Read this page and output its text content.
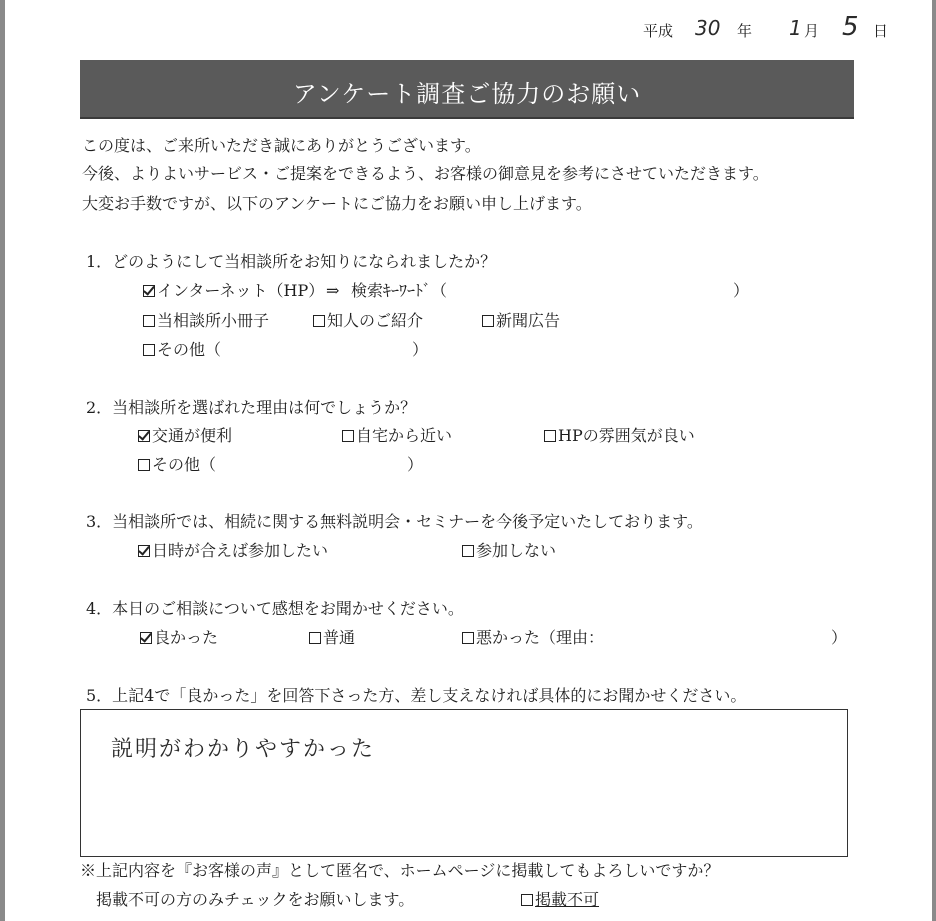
平成 30 年 1 月 5 日
アンケート調査ご協力のお願い
この度は、ご来所いただき誠にありがとうございます。
今後、よりよいサービス・ご提案をできるよう、お客様の御意見を参考にさせていただきます。
大変お手数ですが、以下のアンケートにご協力をお願い申し上げます。
1．どのようにして当相談所をお知りになられましたか？
インターネット（HP） ⇒ 検索ｷｰﾜｰﾄﾞ（	）
当相談所小冊子	知人のご紹介	新聞広告
その他（	）
2．当相談所を選ばれた理由は何でしょうか？
交通が便利	自宅から近い	HPの雰囲気が良い
その他（	）
3．当相談所では、相続に関する無料説明会・セミナーを今後予定いたしております。
日時が合えば参加したい	参加しない
4．本日のご相談について感想をお聞かせください。
良かった	普通	悪かった（理由：	）
5．上記4で「良かった」を回答下さった方、差し支えなければ具体的にお聞かせください。
説明がわかりやすかった
※上記内容を『お客様の声』として匿名で、ホームページに掲載してもよろしいですか？
掲載不可の方のみチェックをお願いします。	掲載不可
